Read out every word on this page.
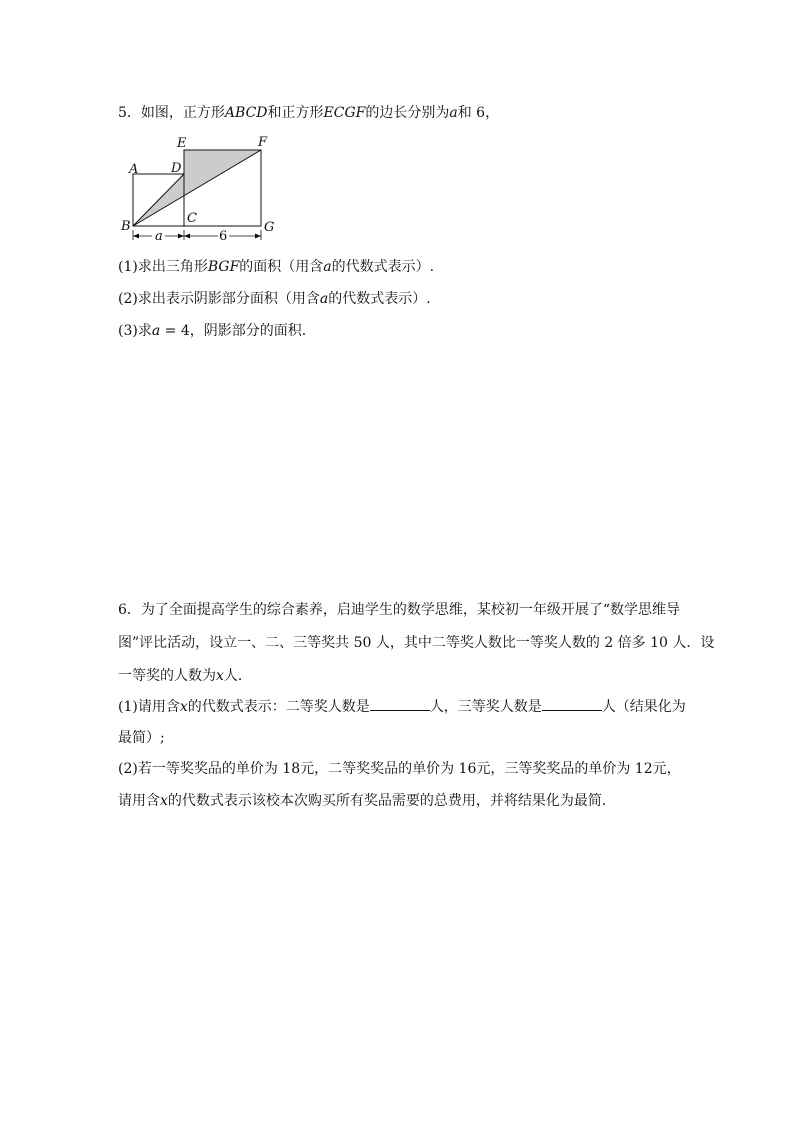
5．如图，正方形ABCD和正方形ECGF的边长分别为a和 6，
a	6
A
B
C
D
E	F
G
(1)求出三角形BGF的面积（用含a的代数式表示）.
(2)求出表示阴影部分面积（用含a的代数式表示）.
(3)求a = 4，阴影部分的面积.
6．为了全面提高学生的综合素养，启迪学生的数学思维，某校初一年级开展了“数学思维导
图”评比活动，设立一、二、三等奖共 50 人，其中二等奖人数比一等奖人数的 2 倍多 10 人．设
一等奖的人数为x人．
(1)请用含x的代数式表示：二等奖人数是	人，三等奖人数是	人（结果化为
最简）;
(2)若一等奖奖品的单价为 18元，二等奖奖品的单价为 16元，三等奖奖品的单价为 12元，
请用含x的代数式表示该校本次购买所有奖品需要的总费用，并将结果化为最简.
